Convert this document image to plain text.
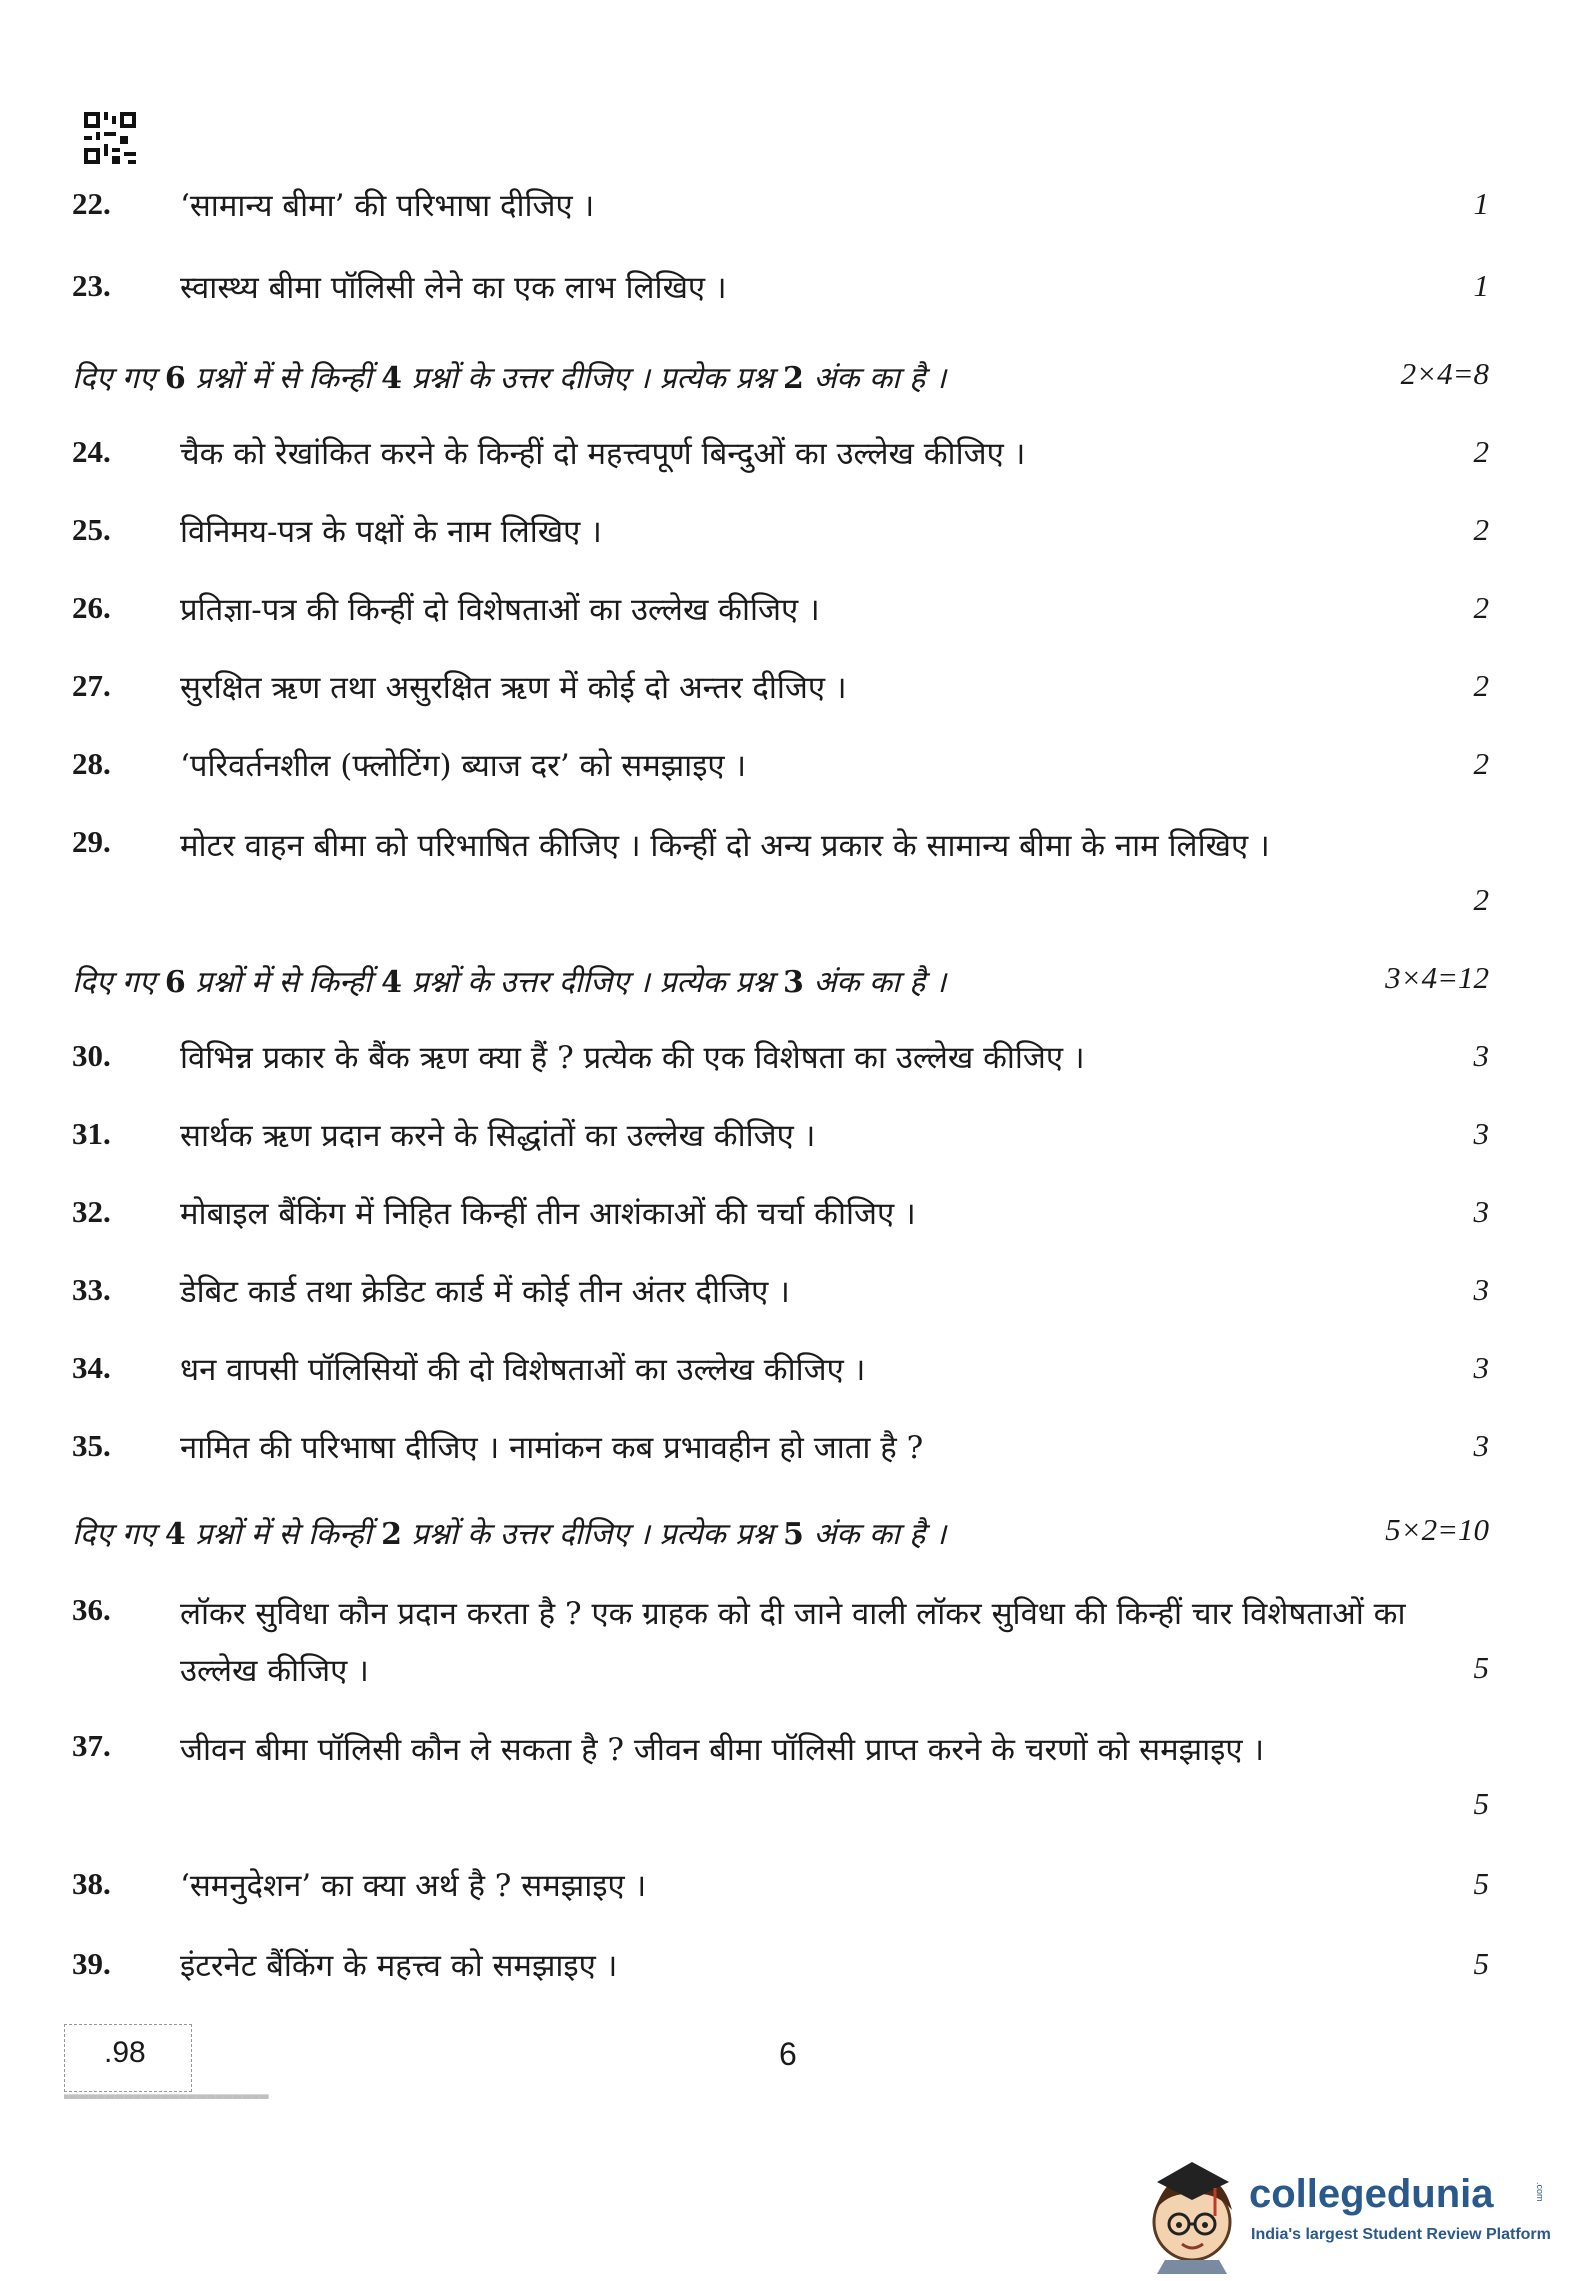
22. ‘सामान्य बीमा’ की परिभाषा दीजिए ।	1
23. स्वास्थ्य बीमा पॉलिसी लेने का एक लाभ लिखिए ।	1
दिए गए 6 प्रश्नों में से किन्हीं 4 प्रश्नों के उत्तर दीजिए । प्रत्येक प्रश्न 2 अंक का है ।	2×4=8
24. चैक को रेखांकित करने के किन्हीं दो महत्त्वपूर्ण बिन्दुओं का उल्लेख कीजिए ।	2
25. विनिमय-पत्र के पक्षों के नाम लिखिए ।	2
26. प्रतिज्ञा-पत्र की किन्हीं दो विशेषताओं का उल्लेख कीजिए ।	2
27. सुरक्षित ऋण तथा असुरक्षित ऋण में कोई दो अन्तर दीजिए ।	2
28. ‘परिवर्तनशील (फ्लोटिंग) ब्याज दर’ को समझाइए ।	2
29. मोटर वाहन बीमा को परिभाषित कीजिए । किन्हीं दो अन्य प्रकार के सामान्य बीमा के नाम लिखिए ।
2
दिए गए 6 प्रश्नों में से किन्हीं 4 प्रश्नों के उत्तर दीजिए । प्रत्येक प्रश्न 3 अंक का है ।	3×4=12
30. विभिन्न प्रकार के बैंक ऋण क्या हैं ? प्रत्येक की एक विशेषता का उल्लेख कीजिए ।	3
31. सार्थक ऋण प्रदान करने के सिद्धांतों का उल्लेख कीजिए ।	3
32. मोबाइल बैंकिंग में निहित किन्हीं तीन आशंकाओं की चर्चा कीजिए ।	3
33. डेबिट कार्ड तथा क्रेडिट कार्ड में कोई तीन अंतर दीजिए ।	3
34. धन वापसी पॉलिसियों की दो विशेषताओं का उल्लेख कीजिए ।	3
35. नामित की परिभाषा दीजिए । नामांकन कब प्रभावहीन हो जाता है ?	3
दिए गए 4 प्रश्नों में से किन्हीं 2 प्रश्नों के उत्तर दीजिए । प्रत्येक प्रश्न 5 अंक का है ।	5×2=10
36. लॉकर सुविधा कौन प्रदान करता है ? एक ग्राहक को दी जाने वाली लॉकर सुविधा की किन्हीं चार विशेषताओं का उल्लेख कीजिए ।	5
37. जीवन बीमा पॉलिसी कौन ले सकता है ? जीवन बीमा पॉलिसी प्राप्त करने के चरणों को समझाइए ।
5
38. ‘समनुदेशन’ का क्या अर्थ है ? समझाइए ।	5
39. इंटरनेट बैंकिंग के महत्त्व को समझाइए ।	5
.98
▒▒▒▒▒▒▒▒▒▒▒▒▒▒▒▒▒▒▒▒▒▒▒▒▒▒▒▒▒▒▒▒▒▒▒▒▒▒▒▒▒▒▒▒▒▒▒▒▒▒▒▒▒▒▒▒▒▒▒▒▒▒▒▒▒▒▒▒▒▒▒▒▒▒▒▒▒▒▒▒▒▒▒▒▒
6
collegedunia	.com
India's largest Student Review Platform
